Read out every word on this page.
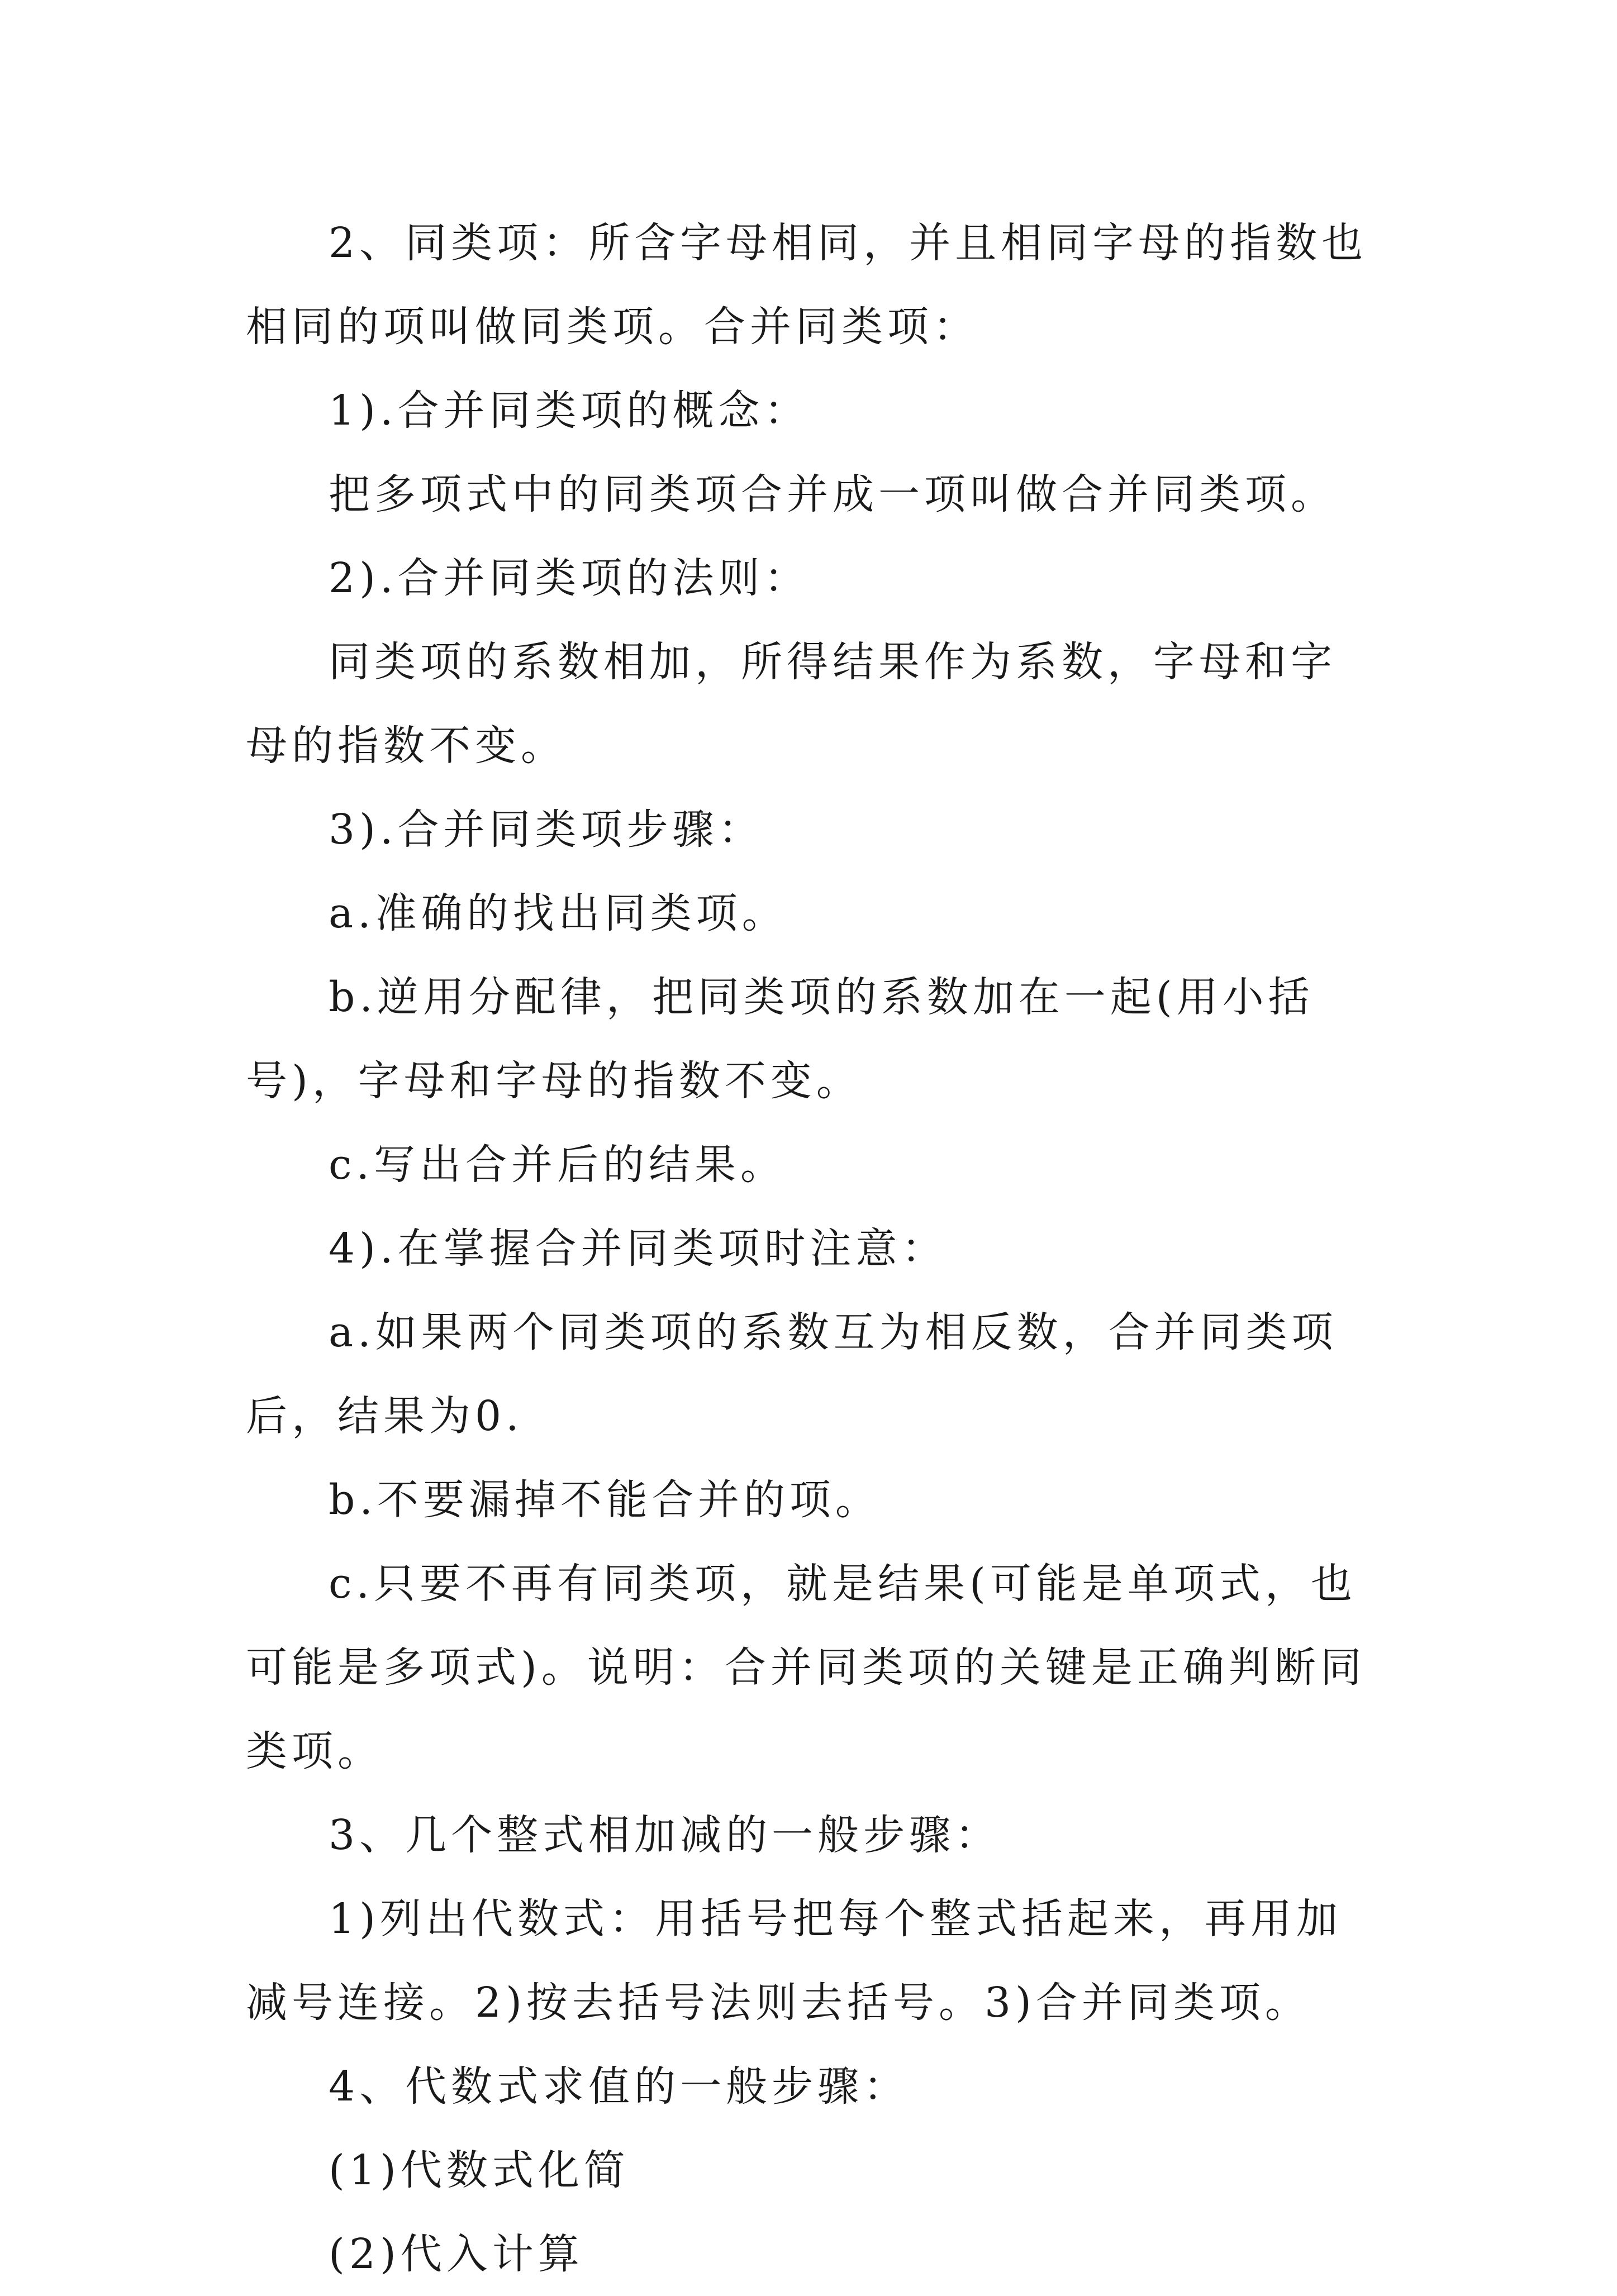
2、同类项：所含字母相同，并且相同字母的指数也相同的项叫做同类项。合并同类项：

1).合并同类项的概念：

把多项式中的同类项合并成一项叫做合并同类项。

2).合并同类项的法则：

同类项的系数相加，所得结果作为系数，字母和字母的指数不变。

3).合并同类项步骤：

a.准确的找出同类项。

b.逆用分配律，把同类项的系数加在一起(用小括号)，字母和字母的指数不变。

c.写出合并后的结果。

4).在掌握合并同类项时注意：

a.如果两个同类项的系数互为相反数，合并同类项后，结果为0.

b.不要漏掉不能合并的项。

c.只要不再有同类项，就是结果(可能是单项式，也可能是多项式)。说明：合并同类项的关键是正确判断同类项。

3、几个整式相加减的一般步骤：

1)列出代数式：用括号把每个整式括起来，再用加减号连接。2)按去括号法则去括号。3)合并同类项。

4、代数式求值的一般步骤：

(1)代数式化简

(2)代入计算
